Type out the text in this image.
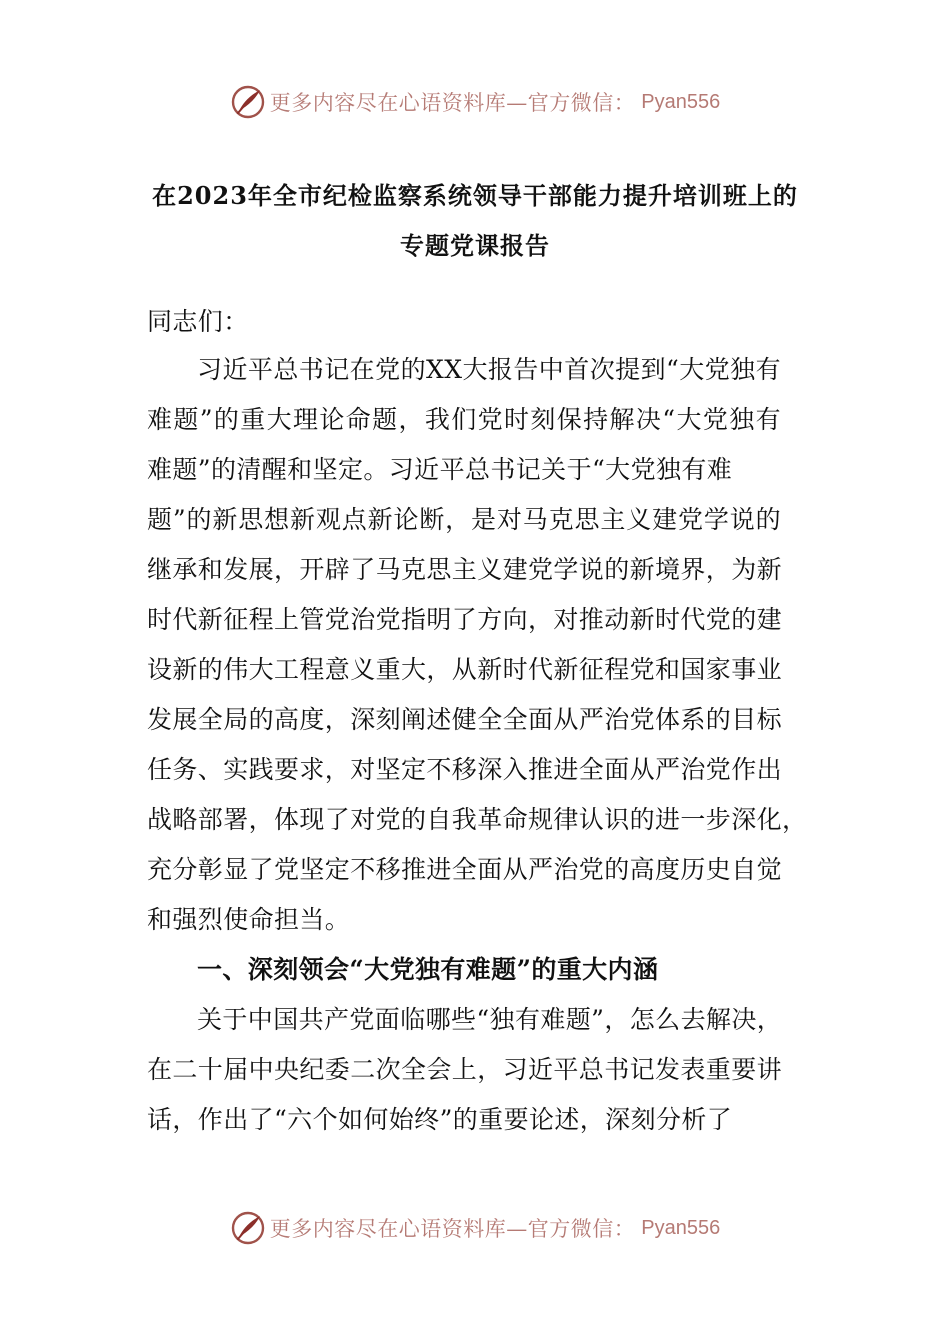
更多内容尽在心语资料库—官方微信： Pyan556
在2023年全市纪检监察系统领导干部能力提升培训班上的
专题党课报告
同志们：
习近平总书记在党的XX大报告中首次提到“大党独有
难题”的重大理论命题，我们党时刻保持解决“大党独有
难题”的清醒和坚定。习近平总书记关于“大党独有难
题”的新思想新观点新论断，是对马克思主义建党学说的
继承和发展，开辟了马克思主义建党学说的新境界，为新
时代新征程上管党治党指明了方向，对推动新时代党的建
设新的伟大工程意义重大，从新时代新征程党和国家事业
发展全局的高度，深刻阐述健全全面从严治党体系的目标
任务、实践要求，对坚定不移深入推进全面从严治党作出
战略部署，体现了对党的自我革命规律认识的进一步深化，
充分彰显了党坚定不移推进全面从严治党的高度历史自觉
和强烈使命担当。
一、深刻领会“大党独有难题”的重大内涵
关于中国共产党面临哪些“独有难题”，怎么去解决，
在二十届中央纪委二次全会上，习近平总书记发表重要讲
话，作出了“六个如何始终”的重要论述，深刻分析了
更多内容尽在心语资料库—官方微信： Pyan556
